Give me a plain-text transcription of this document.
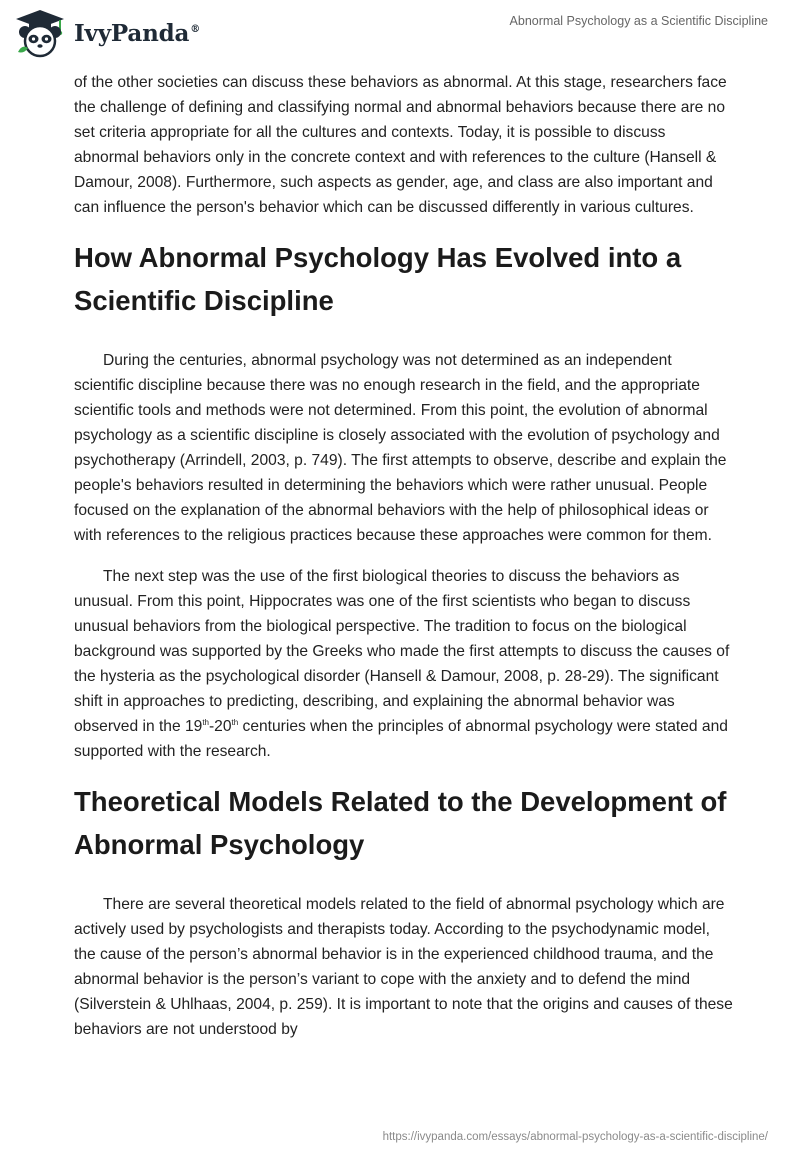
IvyPanda®
Abnormal Psychology as a Scientific Discipline

of the other societies can discuss these behaviors as abnormal. At this stage, researchers face the challenge of defining and classifying normal and abnormal behaviors because there are no set criteria appropriate for all the cultures and contexts. Today, it is possible to discuss abnormal behaviors only in the concrete context and with references to the culture (Hansell & Damour, 2008). Furthermore, such aspects as gender, age, and class are also important and can influence the person's behavior which can be discussed differently in various cultures.

How Abnormal Psychology Has Evolved into a Scientific Discipline

During the centuries, abnormal psychology was not determined as an independent scientific discipline because there was no enough research in the field, and the appropriate scientific tools and methods were not determined. From this point, the evolution of abnormal psychology as a scientific discipline is closely associated with the evolution of psychology and psychotherapy (Arrindell, 2003, p. 749). The first attempts to observe, describe and explain the people's behaviors resulted in determining the behaviors which were rather unusual. People focused on the explanation of the abnormal behaviors with the help of philosophical ideas or with references to the religious practices because these approaches were common for them.

The next step was the use of the first biological theories to discuss the behaviors as unusual. From this point, Hippocrates was one of the first scientists who began to discuss unusual behaviors from the biological perspective. The tradition to focus on the biological background was supported by the Greeks who made the first attempts to discuss the causes of the hysteria as the psychological disorder (Hansell & Damour, 2008, p. 28-29). The significant shift in approaches to predicting, describing, and explaining the abnormal behavior was observed in the 19th-20th centuries when the principles of abnormal psychology were stated and supported with the research.

Theoretical Models Related to the Development of Abnormal Psychology

There are several theoretical models related to the field of abnormal psychology which are actively used by psychologists and therapists today. According to the psychodynamic model, the cause of the person’s abnormal behavior is in the experienced childhood trauma, and the abnormal behavior is the person’s variant to cope with the anxiety and to defend the mind (Silverstein & Uhlhaas, 2004, p. 259). It is important to note that the origins and causes of these behaviors are not understood by

https://ivypanda.com/essays/abnormal-psychology-as-a-scientific-discipline/
